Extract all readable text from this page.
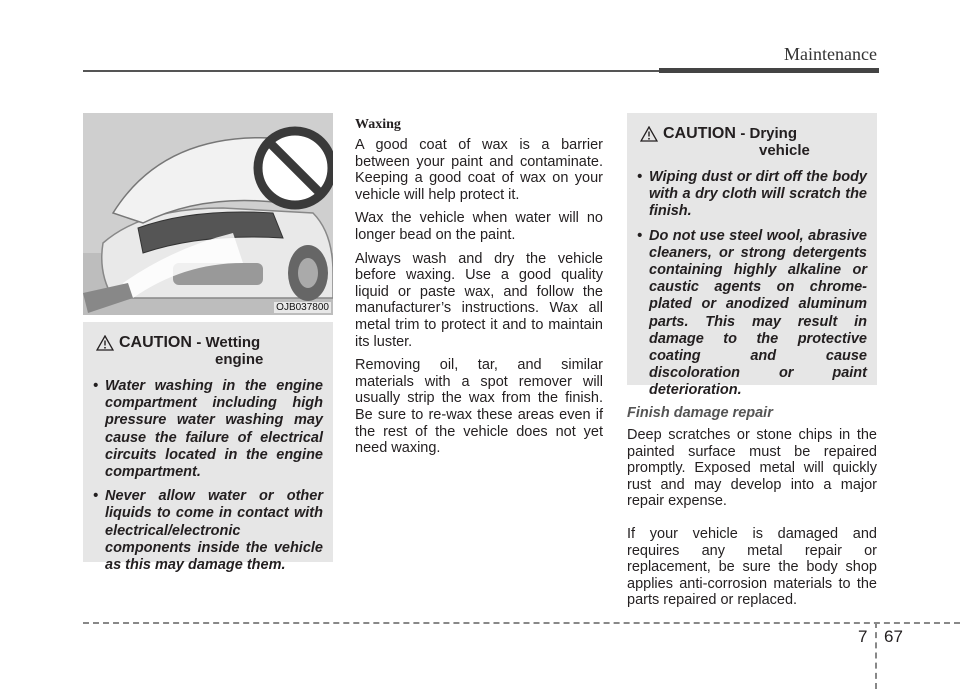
Maintenance
OJB037800
CAUTION - Wetting
engine
• Water washing in the engine compartment including high pressure water washing may cause the failure of electrical circuits located in the engine compartment.
• Never allow water or other liquids to come in contact with electrical/electronic components inside the vehicle as this may damage them.
Waxing

A good coat of wax is a barrier between your paint and contaminate. Keeping a good coat of wax on your vehicle will help protect it.

Wax the vehicle when water will no longer bead on the paint.

Always wash and dry the vehicle before waxing. Use a good quality liquid or paste wax, and follow the manufacturer’s instructions. Wax all metal trim to protect it and to maintain its luster.

Removing oil, tar, and similar materials with a spot remover will usually strip the wax from the finish. Be sure to re-wax these areas even if the rest of the vehicle does not yet need waxing.

CAUTION - Drying
vehicle
• Wiping dust or dirt off the body with a dry cloth will scratch the finish.
• Do not use steel wool, abrasive cleaners, or strong detergents containing highly alkaline or caustic agents on chrome-plated or anodized aluminum parts. This may result in damage to the protective coating and cause discoloration or paint deterioration.
Finish damage repair

Deep scratches or stone chips in the painted surface must be repaired promptly. Exposed metal will quickly rust and may develop into a major repair expense.

If your vehicle is damaged and requires any metal repair or replacement, be sure the body shop applies anti-corrosion materials to the parts repaired or replaced.

7 67
